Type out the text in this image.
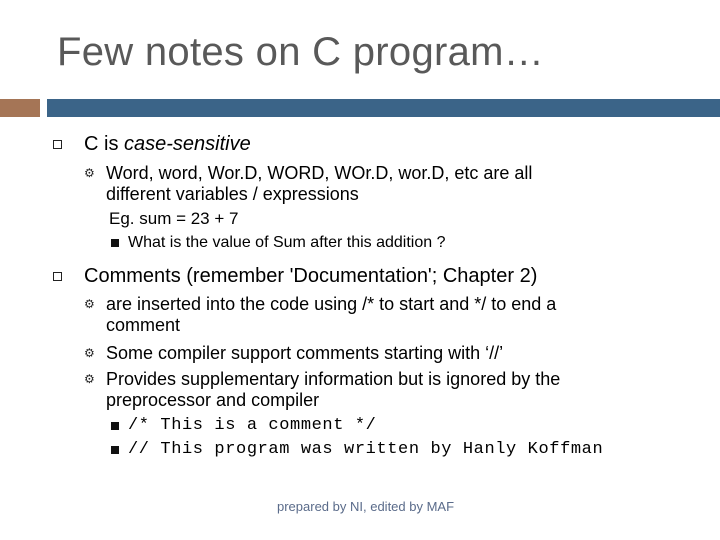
Few notes on C program…
C is case-sensitive
⚙ Word, word, Wor.D, WORD, WOr.D, wor.D, etc are all
different variables / expressions
Eg. sum = 23 + 7
What is the value of Sum after this addition ?
Comments (remember 'Documentation'; Chapter 2)
⚙ are inserted into the code using /* to start and */ to end a
comment
⚙ Some compiler support comments starting with ‘//’
⚙ Provides supplementary information but is ignored by the
preprocessor and compiler
/* This is a comment */
// This program was written by Hanly Koffman
prepared by NI, edited by MAF
